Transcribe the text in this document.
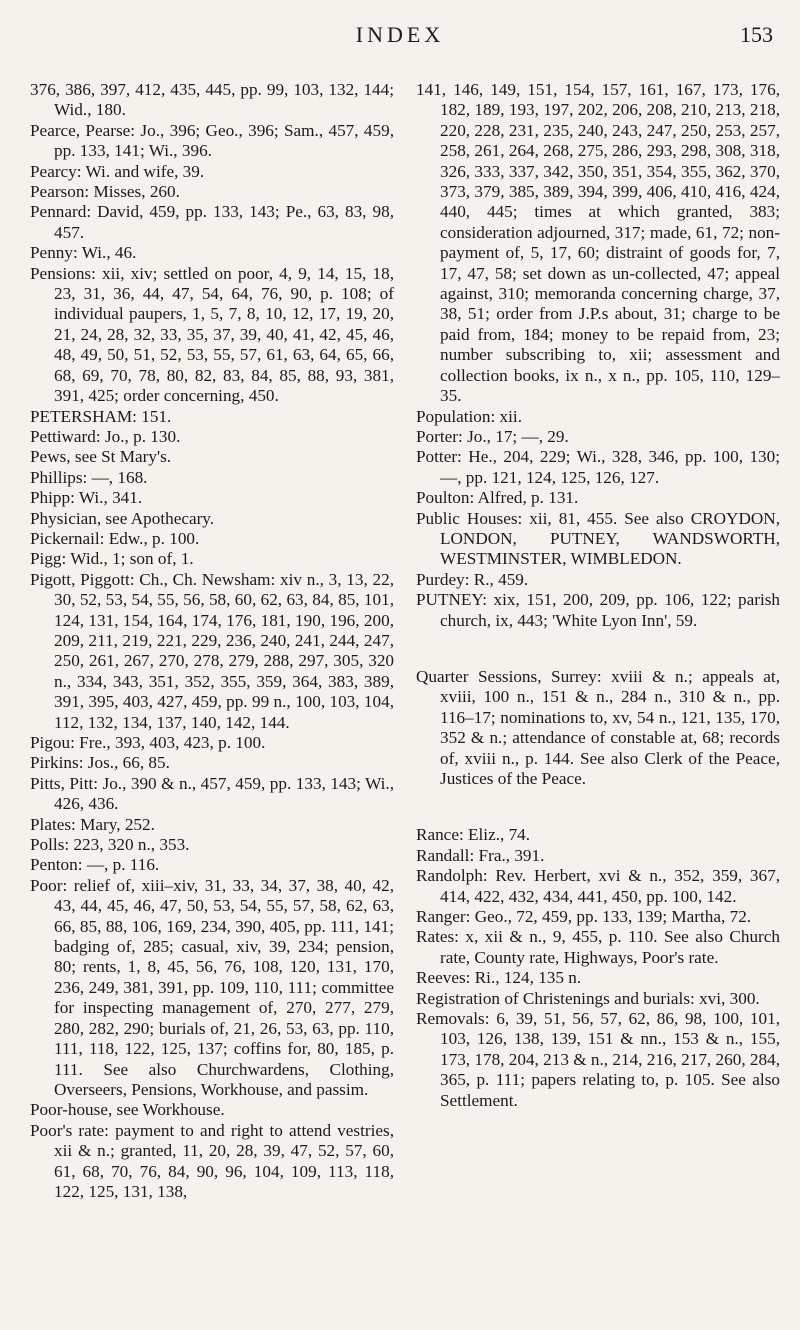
INDEX	153

376, 386, 397, 412, 435, 445, pp. 99, 103, 132, 144; Wid., 180.

Pearce, Pearse: Jo., 396; Geo., 396; Sam., 457, 459, pp. 133, 141; Wi., 396.

Pearcy: Wi. and wife, 39.

Pearson: Misses, 260.

Pennard: David, 459, pp. 133, 143; Pe., 63, 83, 98, 457.

Penny: Wi., 46.

Pensions: xii, xiv; settled on poor, 4, 9, 14, 15, 18, 23, 31, 36, 44, 47, 54, 64, 76, 90, p. 108; of individual paupers, 1, 5, 7, 8, 10, 12, 17, 19, 20, 21, 24, 28, 32, 33, 35, 37, 39, 40, 41, 42, 45, 46, 48, 49, 50, 51, 52, 53, 55, 57, 61, 63, 64, 65, 66, 68, 69, 70, 78, 80, 82, 83, 84, 85, 88, 93, 381, 391, 425; order concerning, 450.

PETERSHAM: 151.

Pettiward: Jo., p. 130.

Pews, see St Mary's.

Phillips: —, 168.

Phipp: Wi., 341.

Physician, see Apothecary.

Pickernail: Edw., p. 100.

Pigg: Wid., 1; son of, 1.

Pigott, Piggott: Ch., Ch. Newsham: xiv n., 3, 13, 22, 30, 52, 53, 54, 55, 56, 58, 60, 62, 63, 84, 85, 101, 124, 131, 154, 164, 174, 176, 181, 190, 196, 200, 209, 211, 219, 221, 229, 236, 240, 241, 244, 247, 250, 261, 267, 270, 278, 279, 288, 297, 305, 320 n., 334, 343, 351, 352, 355, 359, 364, 383, 389, 391, 395, 403, 427, 459, pp. 99 n., 100, 103, 104, 112, 132, 134, 137, 140, 142, 144.

Pigou: Fre., 393, 403, 423, p. 100.

Pirkins: Jos., 66, 85.

Pitts, Pitt: Jo., 390 & n., 457, 459, pp. 133, 143; Wi., 426, 436.

Plates: Mary, 252.

Polls: 223, 320 n., 353.

Penton: —, p. 116.

Poor: relief of, xiii–xiv, 31, 33, 34, 37, 38, 40, 42, 43, 44, 45, 46, 47, 50, 53, 54, 55, 57, 58, 62, 63, 66, 85, 88, 106, 169, 234, 390, 405, pp. 111, 141; badging of, 285; casual, xiv, 39, 234; pension, 80; rents, 1, 8, 45, 56, 76, 108, 120, 131, 170, 236, 249, 381, 391, pp. 109, 110, 111; committee for inspecting management of, 270, 277, 279, 280, 282, 290; burials of, 21, 26, 53, 63, pp. 110, 111, 118, 122, 125, 137; coffins for, 80, 185, p. 111. See also Churchwardens, Clothing, Overseers, Pensions, Workhouse, and passim.

Poor-house, see Workhouse.

Poor's rate: payment to and right to attend vestries, xii & n.; granted, 11, 20, 28, 39, 47, 52, 57, 60, 61, 68, 70, 76, 84, 90, 96, 104, 109, 113, 118, 122, 125, 131, 138,

141, 146, 149, 151, 154, 157, 161, 167, 173, 176, 182, 189, 193, 197, 202, 206, 208, 210, 213, 218, 220, 228, 231, 235, 240, 243, 247, 250, 253, 257, 258, 261, 264, 268, 275, 286, 293, 298, 308, 318, 326, 333, 337, 342, 350, 351, 354, 355, 362, 370, 373, 379, 385, 389, 394, 399, 406, 410, 416, 424, 440, 445; times at which granted, 383; consideration adjourned, 317; made, 61, 72; non-payment of, 5, 17, 60; distraint of goods for, 7, 17, 47, 58; set down as un-collected, 47; appeal against, 310; memoranda concerning charge, 37, 38, 51; order from J.P.s about, 31; charge to be paid from, 184; money to be repaid from, 23; number subscribing to, xii; assessment and collection books, ix n., x n., pp. 105, 110, 129–35.

Population: xii.

Porter: Jo., 17; —, 29.

Potter: He., 204, 229; Wi., 328, 346, pp. 100, 130; —, pp. 121, 124, 125, 126, 127.

Poulton: Alfred, p. 131.

Public Houses: xii, 81, 455. See also CROYDON, LONDON, PUTNEY, WANDSWORTH, WESTMINSTER, WIMBLEDON.

Purdey: R., 459.

PUTNEY: xix, 151, 200, 209, pp. 106, 122; parish church, ix, 443; 'White Lyon Inn', 59.

Quarter Sessions, Surrey: xviii & n.; appeals at, xviii, 100 n., 151 & n., 284 n., 310 & n., pp. 116–17; nominations to, xv, 54 n., 121, 135, 170, 352 & n.; attendance of constable at, 68; records of, xviii n., p. 144. See also Clerk of the Peace, Justices of the Peace.

Rance: Eliz., 74.

Randall: Fra., 391.

Randolph: Rev. Herbert, xvi & n., 352, 359, 367, 414, 422, 432, 434, 441, 450, pp. 100, 142.

Ranger: Geo., 72, 459, pp. 133, 139; Martha, 72.

Rates: x, xii & n., 9, 455, p. 110. See also Church rate, County rate, Highways, Poor's rate.

Reeves: Ri., 124, 135 n.

Registration of Christenings and burials: xvi, 300.

Removals: 6, 39, 51, 56, 57, 62, 86, 98, 100, 101, 103, 126, 138, 139, 151 & nn., 153 & n., 155, 173, 178, 204, 213 & n., 214, 216, 217, 260, 284, 365, p. 111; papers relating to, p. 105. See also Settlement.
